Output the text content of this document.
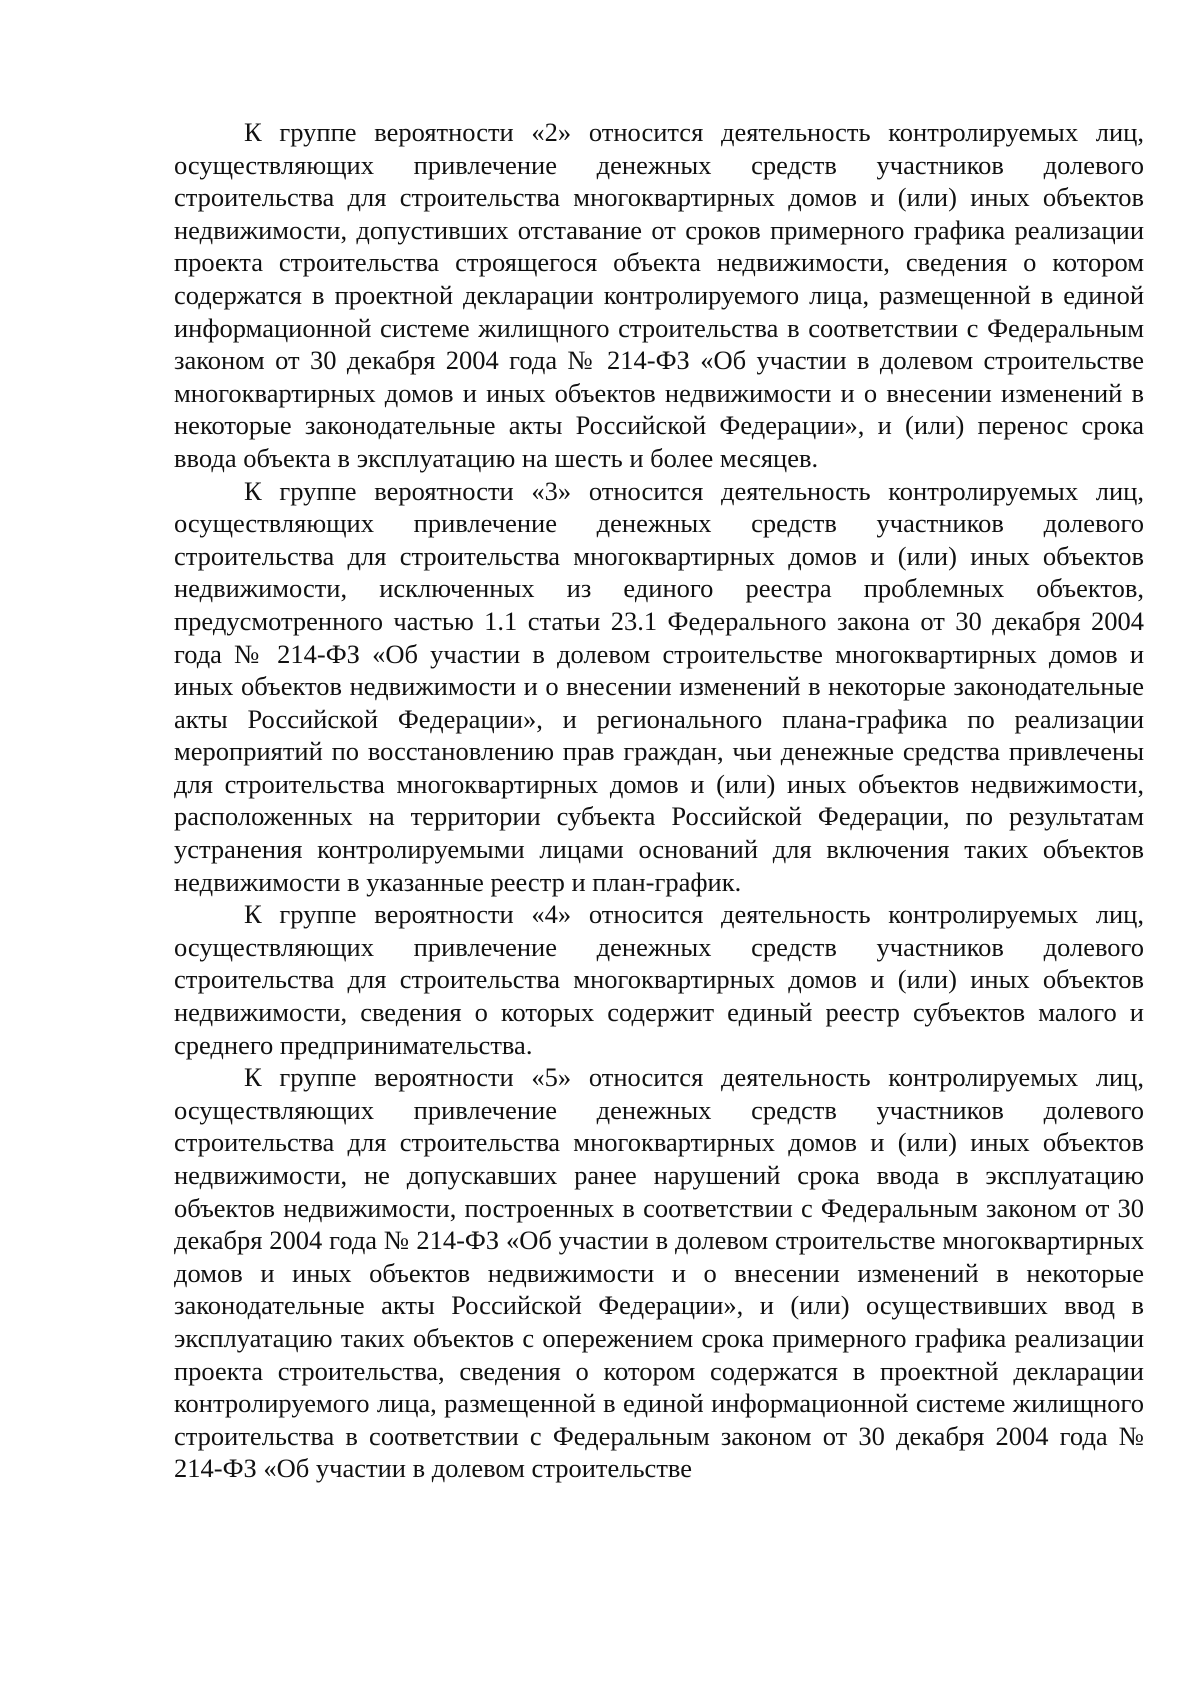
К группе вероятности «2» относится деятельность контролируемых лиц, осуществляющих привлечение денежных средств участников долевого строительства для строительства многоквартирных домов и (или) иных объектов недвижимости, допустивших отставание от сроков примерного графика реализации проекта строительства строящегося объекта недвижимости, сведения о котором содержатся в проектной декларации контролируемого лица, размещенной в единой информационной системе жилищного строительства в соответствии с Федеральным законом от 30 декабря 2004 года № 214-ФЗ «Об участии в долевом строительстве многоквартирных домов и иных объектов недвижимости и о внесении изменений в некоторые законодательные акты Российской Федерации», и (или) перенос срока ввода объекта в эксплуатацию на шесть и более месяцев.

К группе вероятности «3» относится деятельность контролируемых лиц, осуществляющих привлечение денежных средств участников долевого строительства для строительства многоквартирных домов и (или) иных объектов недвижимости, исключенных из единого реестра проблемных объектов, предусмотренного частью 1.1 статьи 23.1 Федерального закона от 30 декабря 2004 года № 214-ФЗ «Об участии в долевом строительстве многоквартирных домов и иных объектов недвижимости и о внесении изменений в некоторые законодательные акты Российской Федерации», и регионального плана-графика по реализации мероприятий по восстановлению прав граждан, чьи денежные средства привлечены для строительства многоквартирных домов и (или) иных объектов недвижимости, расположенных на территории субъекта Российской Федерации, по результатам устранения контролируемыми лицами оснований для включения таких объектов недвижимости в указанные реестр и план-график.

К группе вероятности «4» относится деятельность контролируемых лиц, осуществляющих привлечение денежных средств участников долевого строительства для строительства многоквартирных домов и (или) иных объектов недвижимости, сведения о которых содержит единый реестр субъектов малого и среднего предпринимательства.

К группе вероятности «5» относится деятельность контролируемых лиц, осуществляющих привлечение денежных средств участников долевого строительства для строительства многоквартирных домов и (или) иных объектов недвижимости, не допускавших ранее нарушений срока ввода в эксплуатацию объектов недвижимости, построенных в соответствии с Федеральным законом от 30 декабря 2004 года № 214-ФЗ «Об участии в долевом строительстве многоквартирных домов и иных объектов недвижимости и о внесении изменений в некоторые законодательные акты Российской Федерации», и (или) осуществивших ввод в эксплуатацию таких объектов с опережением срока примерного графика реализации проекта строительства, сведения о котором содержатся в проектной декларации контролируемого лица, размещенной в единой информационной системе жилищного строительства в соответствии с Федеральным законом от 30 декабря 2004 года № 214-ФЗ «Об участии в долевом строительстве
